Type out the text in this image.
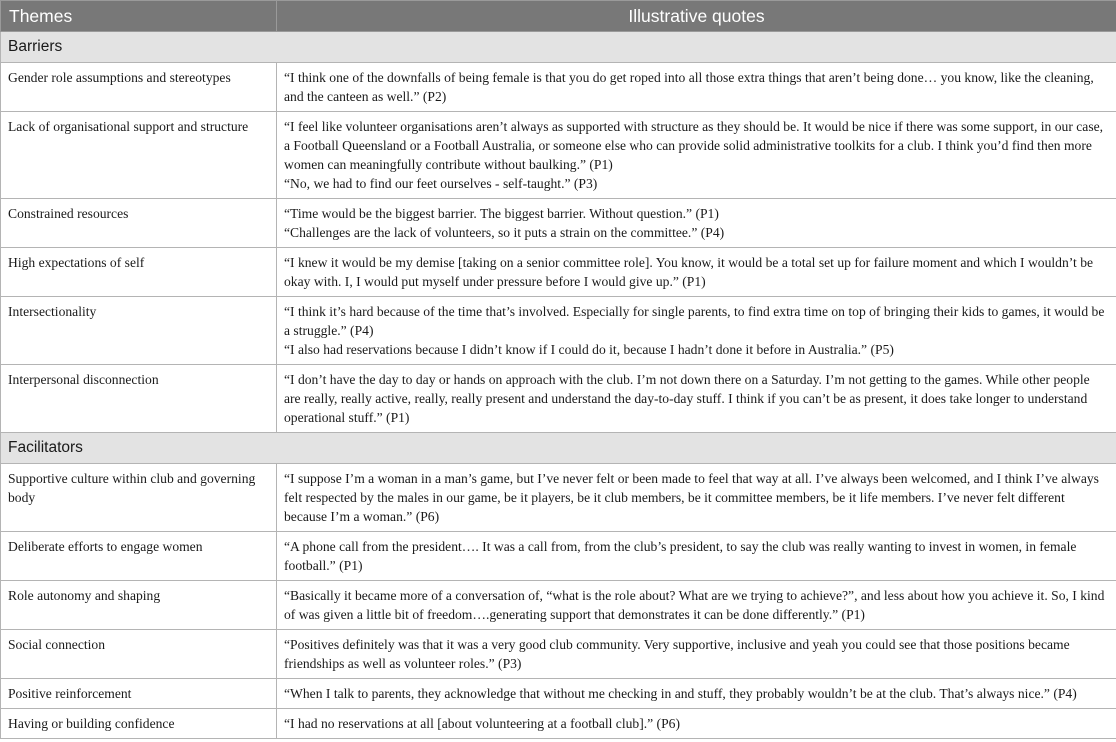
Themes	Illustrative quotes
Barriers	
Gender role assumptions and stereotypes	“I think one of the downfalls of being female is that you do get roped into all those extra things that aren’t being done… you know, like the cleaning, and the canteen as well.” (P2)

Lack of organisational support and structure	“I feel like volunteer organisations aren’t always as supported with structure as they should be. It would be nice if there was some support, in our case, a Football Queensland or a Football Australia, or someone else who can provide solid administrative toolkits for a club. I think you’d find then more women can meaningfully contribute without baulking.” (P1)
“No, we had to find our feet ourselves - self-taught.” (P3)

Constrained resources	“Time would be the biggest barrier. The biggest barrier. Without question.” (P1)
“Challenges are the lack of volunteers, so it puts a strain on the committee.” (P4)

High expectations of self	“I knew it would be my demise [taking on a senior committee role]. You know, it would be a total set up for failure moment and which I wouldn’t be okay with. I, I would put myself under pressure before I would give up.” (P1)

Intersectionality	“I think it’s hard because of the time that’s involved. Especially for single parents, to find extra time on top of bringing their kids to games, it would be a struggle.” (P4)
“I also had reservations because I didn’t know if I could do it, because I hadn’t done it before in Australia.” (P5)

Interpersonal disconnection	“I don’t have the day to day or hands on approach with the club. I’m not down there on a Saturday. I’m not getting to the games. While other people are really, really active, really, really present and understand the day-to-day stuff. I think if you can’t be as present, it does take longer to understand operational stuff.” (P1)

Facilitators	
Supportive culture within club and governing body	“I suppose I’m a woman in a man’s game, but I’ve never felt or been made to feel that way at all. I’ve always been welcomed, and I think I’ve always felt respected by the males in our game, be it players, be it club members, be it committee members, be it life members. I’ve never felt different because I’m a woman.” (P6)

Deliberate efforts to engage women	“A phone call from the president…. It was a call from, from the club’s president, to say the club was really wanting to invest in women, in female football.” (P1)

Role autonomy and shaping	“Basically it became more of a conversation of, “what is the role about? What are we trying to achieve?”, and less about how you achieve it. So, I kind of was given a little bit of freedom….generating support that demonstrates it can be done differently.” (P1)

Social connection	“Positives definitely was that it was a very good club community. Very supportive, inclusive and yeah you could see that those positions became friendships as well as volunteer roles.” (P3)

Positive reinforcement	“When I talk to parents, they acknowledge that without me checking in and stuff, they probably wouldn’t be at the club. That’s always nice.” (P4)

Having or building confidence	“I had no reservations at all [about volunteering at a football club].” (P6)
